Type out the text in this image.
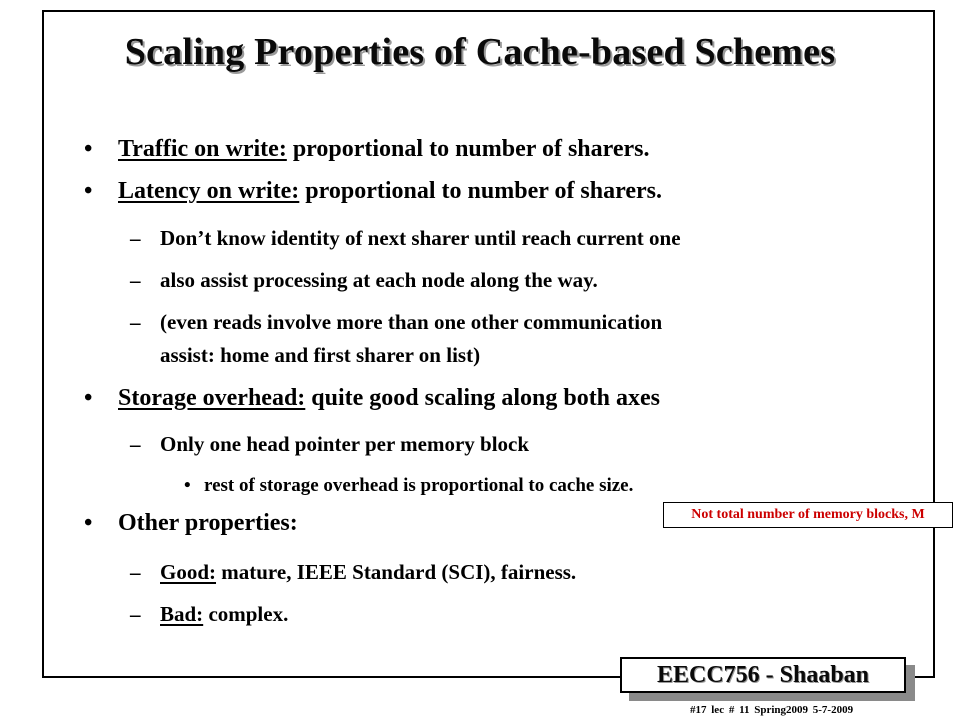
Scaling Properties of Cache-based Schemes
• Traffic on write: proportional to number of sharers.
• Latency on write: proportional to number of sharers.
– Don’t know identity of next sharer until reach current one
– also assist processing at each node along the way.
– (even reads involve more than one other communication
assist: home and first sharer on list)
• Storage overhead: quite good scaling along both axes
– Only one head pointer per memory block
• rest of storage overhead is proportional to cache size.
• Other properties:
– Good: mature, IEEE Standard (SCI), fairness.
– Bad: complex.
Not total number of memory blocks, M
EECC756 - Shaaban
#17 lec # 11 Spring2009 5-7-2009
